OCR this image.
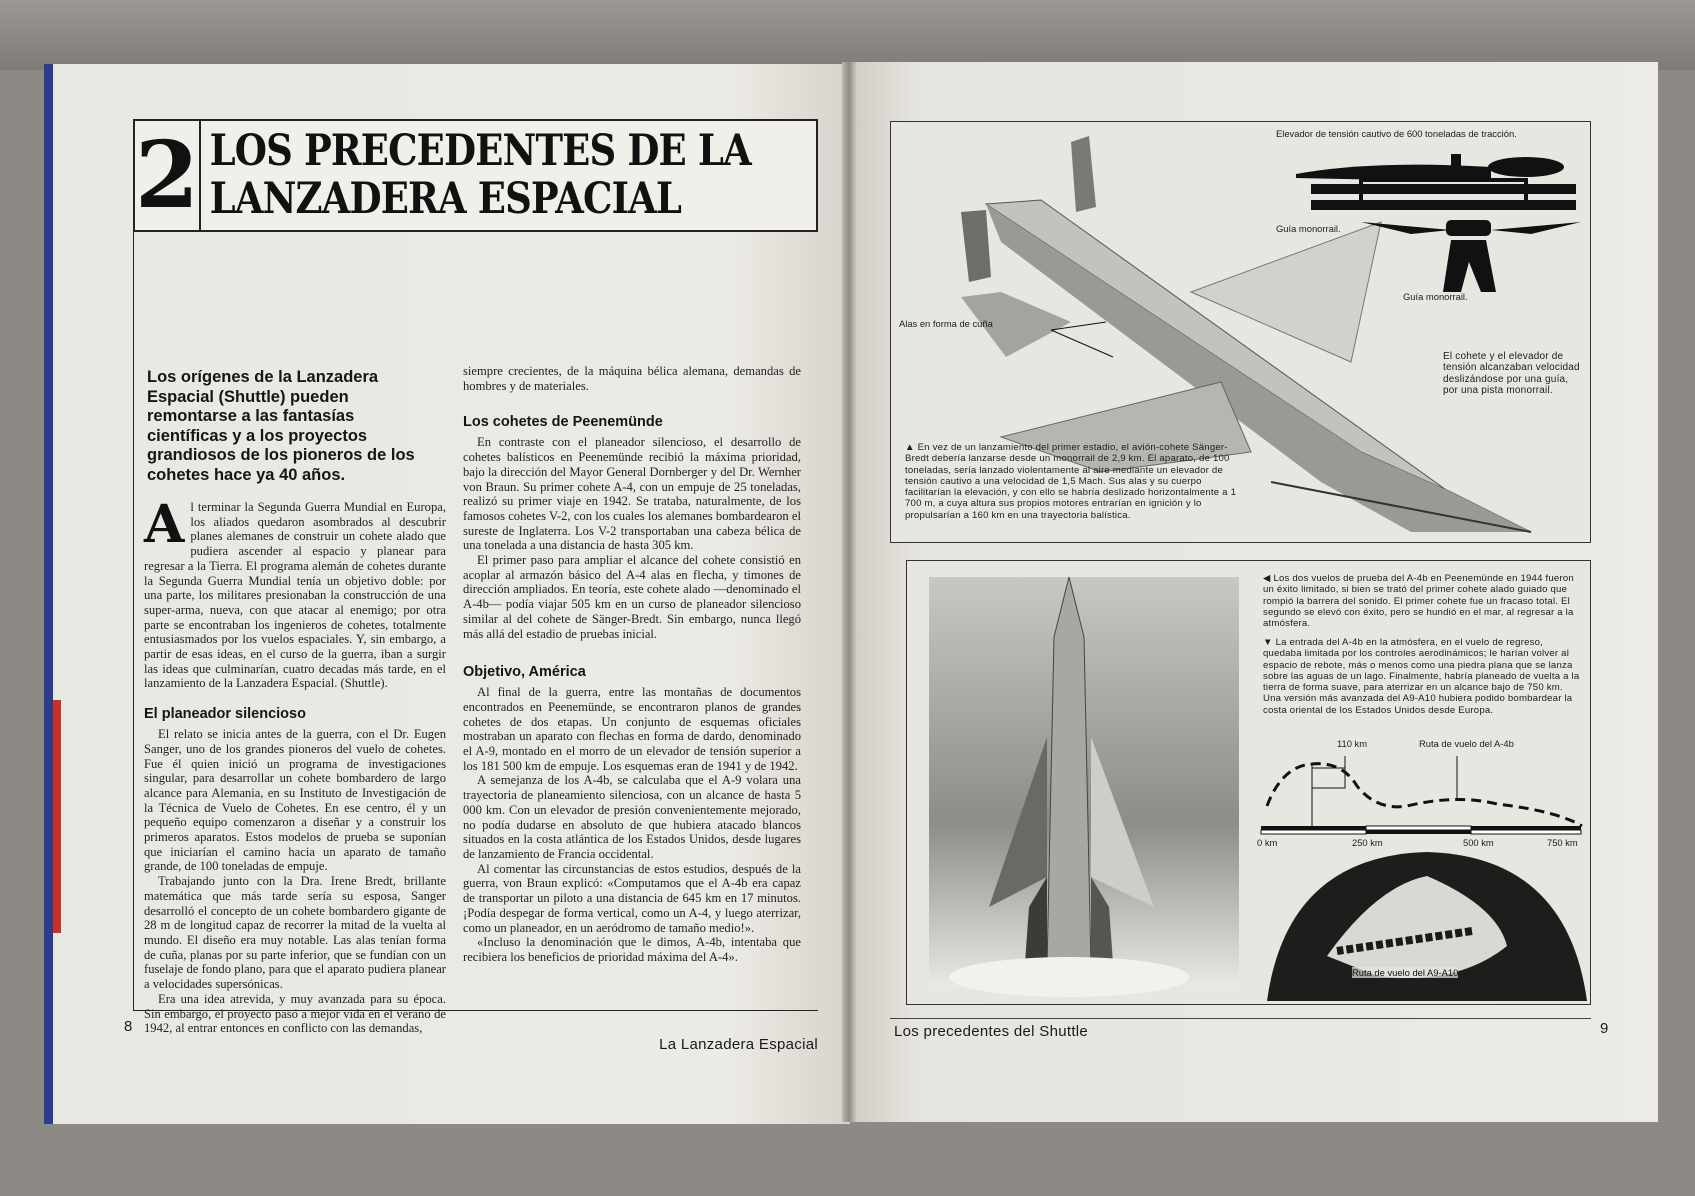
2 LOS PRECEDENTES DE LA
LANZADERA ESPACIAL
Los orígenes de la Lanzadera Espacial (Shuttle) pueden remontarse a las fantasías científicas y a los proyectos grandiosos de los pioneros de los cohetes hace ya 40 años.

Al terminar la Segunda Guerra Mundial en Europa, los aliados quedaron asombrados al descubrir planes alemanes de construir un cohete alado que pudiera ascender al espacio y planear para regresar a la Tierra. El programa alemán de cohetes durante la Segunda Guerra Mundial tenía un objetivo doble: por una parte, los militares presionaban la construcción de una super-arma, nueva, con que atacar al enemigo; por otra parte se encontraban los ingenieros de cohetes, totalmente entusiasmados por los vuelos espaciales. Y, sin embargo, a partir de esas ideas, en el curso de la guerra, iban a surgir las ideas que culminarían, cuatro decadas más tarde, en el lanzamiento de la Lanzadera Espacial. (Shuttle).

El planeador silencioso

El relato se inicia antes de la guerra, con el Dr. Eugen Sanger, uno de los grandes pioneros del vuelo de cohetes. Fue él quien inició un programa de investigaciones singular, para desarrollar un cohete bombardero de largo alcance para Alemania, en su Instituto de Investigación de la Técnica de Vuelo de Cohetes. En ese centro, él y un pequeño equipo comenzaron a diseñar y a construir los primeros aparatos. Estos modelos de prueba se suponían que iniciarían el camino hacia un aparato de tamaño grande, de 100 toneladas de empuje.

Trabajando junto con la Dra. Irene Bredt, brillante matemática que más tarde sería su esposa, Sanger desarrolló el concepto de un cohete bombardero gigante de 28 m de longitud capaz de recorrer la mitad de la vuelta al mundo. El diseño era muy notable. Las alas tenían forma de cuña, planas por su parte inferior, que se fundían con un fuselaje de fondo plano, para que el aparato pudiera planear a velocidades supersónicas.

Era una idea atrevida, y muy avanzada para su época. Sin embargo, el proyecto pasó a mejor vida en el verano de 1942, al entrar entonces en conflicto con las demandas,

siempre crecientes, de la máquina bélica alemana, demandas de hombres y de materiales.

Los cohetes de Peenemünde

En contraste con el planeador silencioso, el desarrollo de cohetes balísticos en Peenemünde recibió la máxima prioridad, bajo la dirección del Mayor General Dornberger y del Dr. Wernher von Braun. Su primer cohete A-4, con un empuje de 25 toneladas, realizó su primer viaje en 1942. Se trataba, naturalmente, de los famosos cohetes V-2, con los cuales los alemanes bombardearon el sureste de Inglaterra. Los V-2 transportaban una cabeza bélica de una tonelada a una distancia de hasta 305 km.

El primer paso para ampliar el alcance del cohete consistió en acoplar al armazón básico del A-4 alas en flecha, y timones de dirección ampliados. En teoría, este cohete alado —denominado el A-4b— podía viajar 505 km en un curso de planeador silencioso similar al del cohete de Sänger-Bredt. Sin embargo, nunca llegó más allá del estadio de pruebas inicial.

Objetivo, América

Al final de la guerra, entre las montañas de documentos encontrados en Peenemünde, se encontraron planos de grandes cohetes de dos etapas. Un conjunto de esquemas oficiales mostraban un aparato con flechas en forma de dardo, denominado el A-9, montado en el morro de un elevador de tensión superior a los 181 500 km de empuje. Los esquemas eran de 1941 y de 1942.

A semejanza de los A-4b, se calculaba que el A-9 volara una trayectoria de planeamiento silenciosa, con un alcance de hasta 5 000 km. Con un elevador de presión convenientemente mejorado, no podía dudarse en absoluto de que hubiera atacado blancos situados en la costa atlántica de los Estados Unidos, desde lugares de lanzamiento de Francia occidental.

Al comentar las circunstancias de estos estudios, después de la guerra, von Braun explicó: «Computamos que el A-4b era capaz de transportar un piloto a una distancia de 645 km en 17 minutos. ¡Podía despegar de forma vertical, como un A-4, y luego aterrizar, como un planeador, en un aeródromo de tamaño medio!».

«Incluso la denominación que le dimos, A-4b, intentaba que recibiera los beneficios de prioridad máxima del A-4».

8
La Lanzadera Espacial
Elevador de tensión cautivo de 600 toneladas de tracción.
Guía monorrail.
Guía monorrail.
Alas en forma de cuña
El cohete y el elevador de tensión alcanzaban velocidad deslizándose por una guía, por una pista monorrail.
▲ En vez de un lanzamiento del primer estadio, el avión-cohete Sänger-Bredt debería lanzarse desde un monorrail de 2,9 km. El aparato, de 100 toneladas, sería lanzado violentamente al aire mediante un elevador de tensión cautivo a una velocidad de 1,5 Mach. Sus alas y su cuerpo facilitarían la elevación, y con ello se habría deslizado horizontalmente a 1 700 m, a cuya altura sus propios motores entrarían en ignición y lo propulsarían a 160 km en una trayectoria balística.
◀ Los dos vuelos de prueba del A-4b en Peenemünde en 1944 fueron un éxito limitado, si bien se trató del primer cohete alado guiado que rompió la barrera del sonido. El primer cohete fue un fracaso total. El segundo se elevó con éxito, pero se hundió en el mar, al regresar a la atmósfera.
▼ La entrada del A-4b en la atmósfera, en el vuelo de regreso, quedaba limitada por los controles aerodinámicos; le harían volver al espacio de rebote, más o menos como una piedra plana que se lanza sobre las aguas de un lago. Finalmente, habría planeado de vuelta a la tierra de forma suave, para aterrizar en un alcance bajo de 750 km. Una versión más avanzada del A9-A10 hubiera podido bombardear la costa oriental de los Estados Unidos desde Europa.
110 km	Ruta de vuelo del A-4b
0 km	250 km	500 km	750 km
Ruta de vuelo del A9-A10
Los precedentes del Shuttle	9
